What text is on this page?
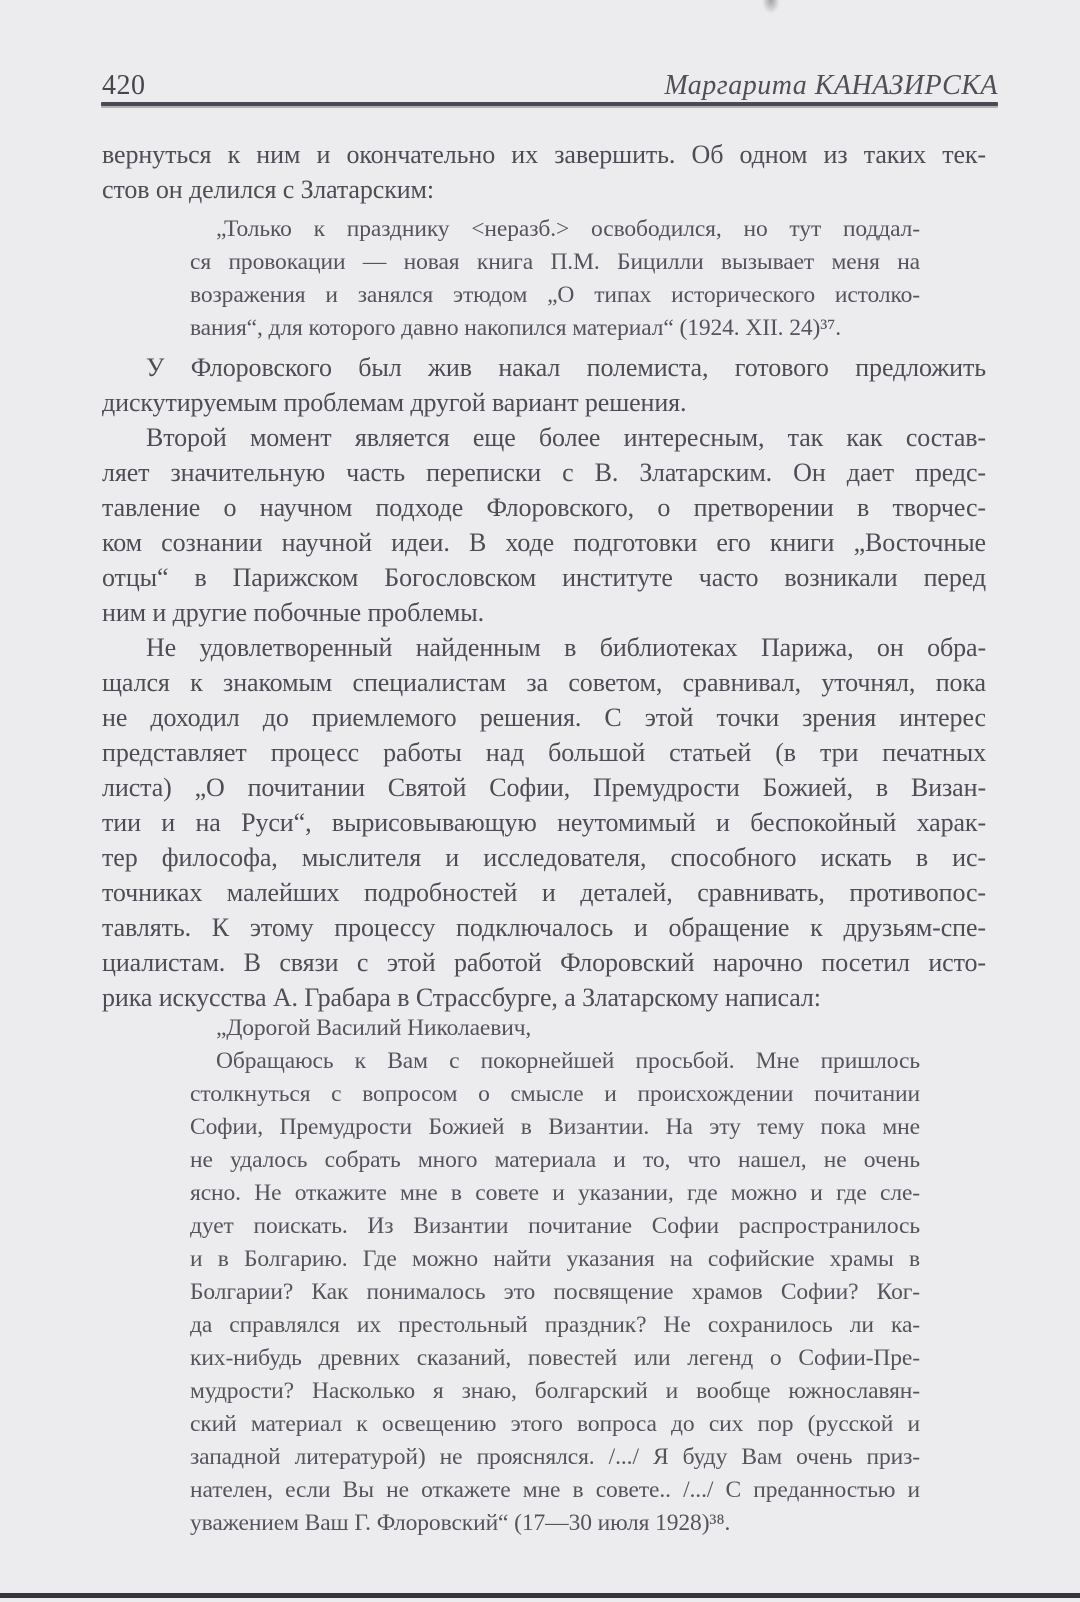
420	Маргарита КАНАЗИРСКА
вернуться к ним и окончательно их завершить. Об одном из таких тек-
стов он делился с Златарским:
„Только к празднику <неразб.> освободился, но тут поддал-
ся провокации — новая книга П.М. Бицилли вызывает меня на
возражения и занялся этюдом „О типах исторического истолко-
вания“, для которого давно накопился материал“ (1924. XII. 24)³⁷.
У Флоровского был жив накал полемиста, готового предложить
дискутируемым проблемам другой вариант решения.
Второй момент является еще более интересным, так как состав-
ляет значительную часть переписки с В. Златарским. Он дает предс-
тавление о научном подходе Флоровского, о претворении в творчес-
ком сознании научной идеи. В ходе подготовки его книги „Восточные
отцы“ в Парижском Богословском институте часто возникали перед
ним и другие побочные проблемы.
Не удовлетворенный найденным в библиотеках Парижа, он обра-
щался к знакомым специалистам за советом, сравнивал, уточнял, пока
не доходил до приемлемого решения. С этой точки зрения интерес
представляет процесс работы над большой статьей (в три печатных
листа) „О почитании Святой Софии, Премудрости Божией, в Визан-
тии и на Руси“, вырисовывающую неутомимый и беспокойный харак-
тер философа, мыслителя и исследователя, способного искать в ис-
точниках малейших подробностей и деталей, сравнивать, противопос-
тавлять. К этому процессу подключалось и обращение к друзьям-спе-
циалистам. В связи с этой работой Флоровский нарочно посетил исто-
рика искусства А. Грабара в Страссбурге, а Златарскому написал:
„Дорогой Василий Николаевич,
Обращаюсь к Вам с покорнейшей просьбой. Мне пришлось
столкнуться с вопросом о смысле и происхождении почитании
Софии, Премудрости Божией в Византии. На эту тему пока мне
не удалось собрать много материала и то, что нашел, не очень
ясно. Не откажите мне в совете и указании, где можно и где сле-
дует поискать. Из Византии почитание Софии распространилось
и в Болгарию. Где можно найти указания на софийские храмы в
Болгарии? Как понималось это посвящение храмов Софии? Ког-
да справлялся их престольный праздник? Не сохранилось ли ка-
ких-нибудь древних сказаний, повестей или легенд о Софии-Пре-
мудрости? Насколько я знаю, болгарский и вообще южнославян-
ский материал к освещению этого вопроса до сих пор (русской и
западной литературой) не прояснялся. /.../ Я буду Вам очень приз-
нателен, если Вы не откажете мне в совете.. /.../ С преданностью и
уважением Ваш Г. Флоровский“ (17—30 июля 1928)³⁸.
